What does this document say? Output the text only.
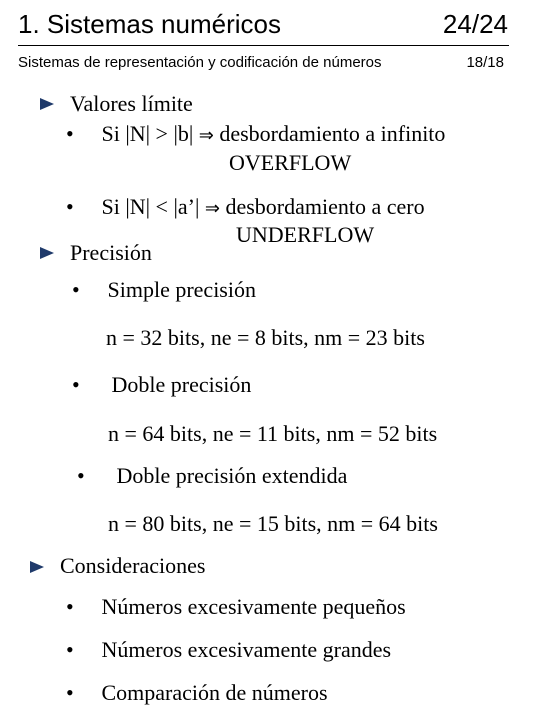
1. Sistemas numéricos	24/24
Sistemas de representación y codificación de números	18/18
Valores límite
• Si |N| > |b| ⇒ desbordamiento a infinito
OVERFLOW
• Si |N| < |a’| ⇒ desbordamiento a cero
UNDERFLOW
Precisión
• Simple precisión
n = 32 bits, ne = 8 bits, nm = 23 bits
• Doble precisión
n = 64 bits, ne = 11 bits, nm = 52 bits
• Doble precisión extendida
n = 80 bits, ne = 15 bits, nm = 64 bits
Consideraciones
• Números excesivamente pequeños
• Números excesivamente grandes
• Comparación de números
